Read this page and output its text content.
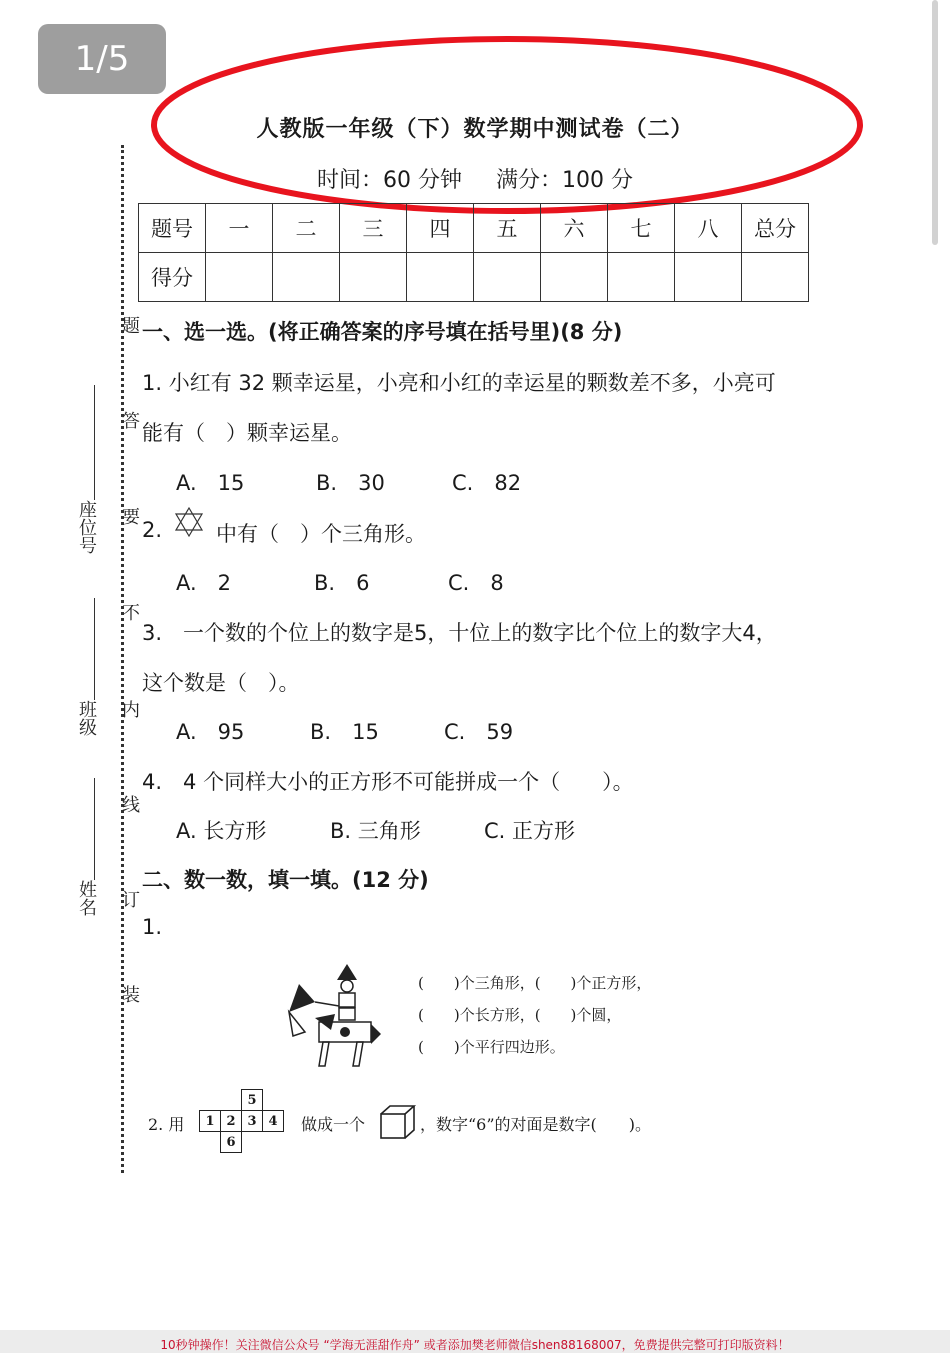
1/5
人教版一年级（下）数学期中测试卷（二）
时间：60 分钟 满分：100 分
题号	一	二	三	四	五	六	七	八	总分
得分									
题
答
要
不
内
线
订
装
座位号
班级
姓名
一、选一选。(将正确答案的序号填在括号里)(8 分)
1. 小红有 32 颗幸运星，小亮和小红的幸运星的颗数差不多，小亮可
能有（　）颗幸运星。
A.　15	B.　30	C.　82
2.	中有（　）个三角形。
A.　2	B.　6	C.　8
3.　一个数的个位上的数字是5，十位上的数字比个位上的数字大4，
这个数是（　）。
A.　95	B.　15	C.　59
4.　4 个同样大小的正方形不可能拼成一个（　　）。
A. 长方形	B. 三角形	C. 正方形
二、数一数，填一填。(12 分)
1.
(　　)个三角形，(　　)个正方形，
(　　)个长方形，(　　)个圆，
(　　)个平行四边形。
2. 用
		5	
1	2	3	4
	6		
做成一个	，数字“6”的对面是数字(　　)。
10秒钟操作！关注微信公众号 “学海无涯甜作舟” 或者添加樊老师微信shen88168007，免费提供完整可打印版资料！
